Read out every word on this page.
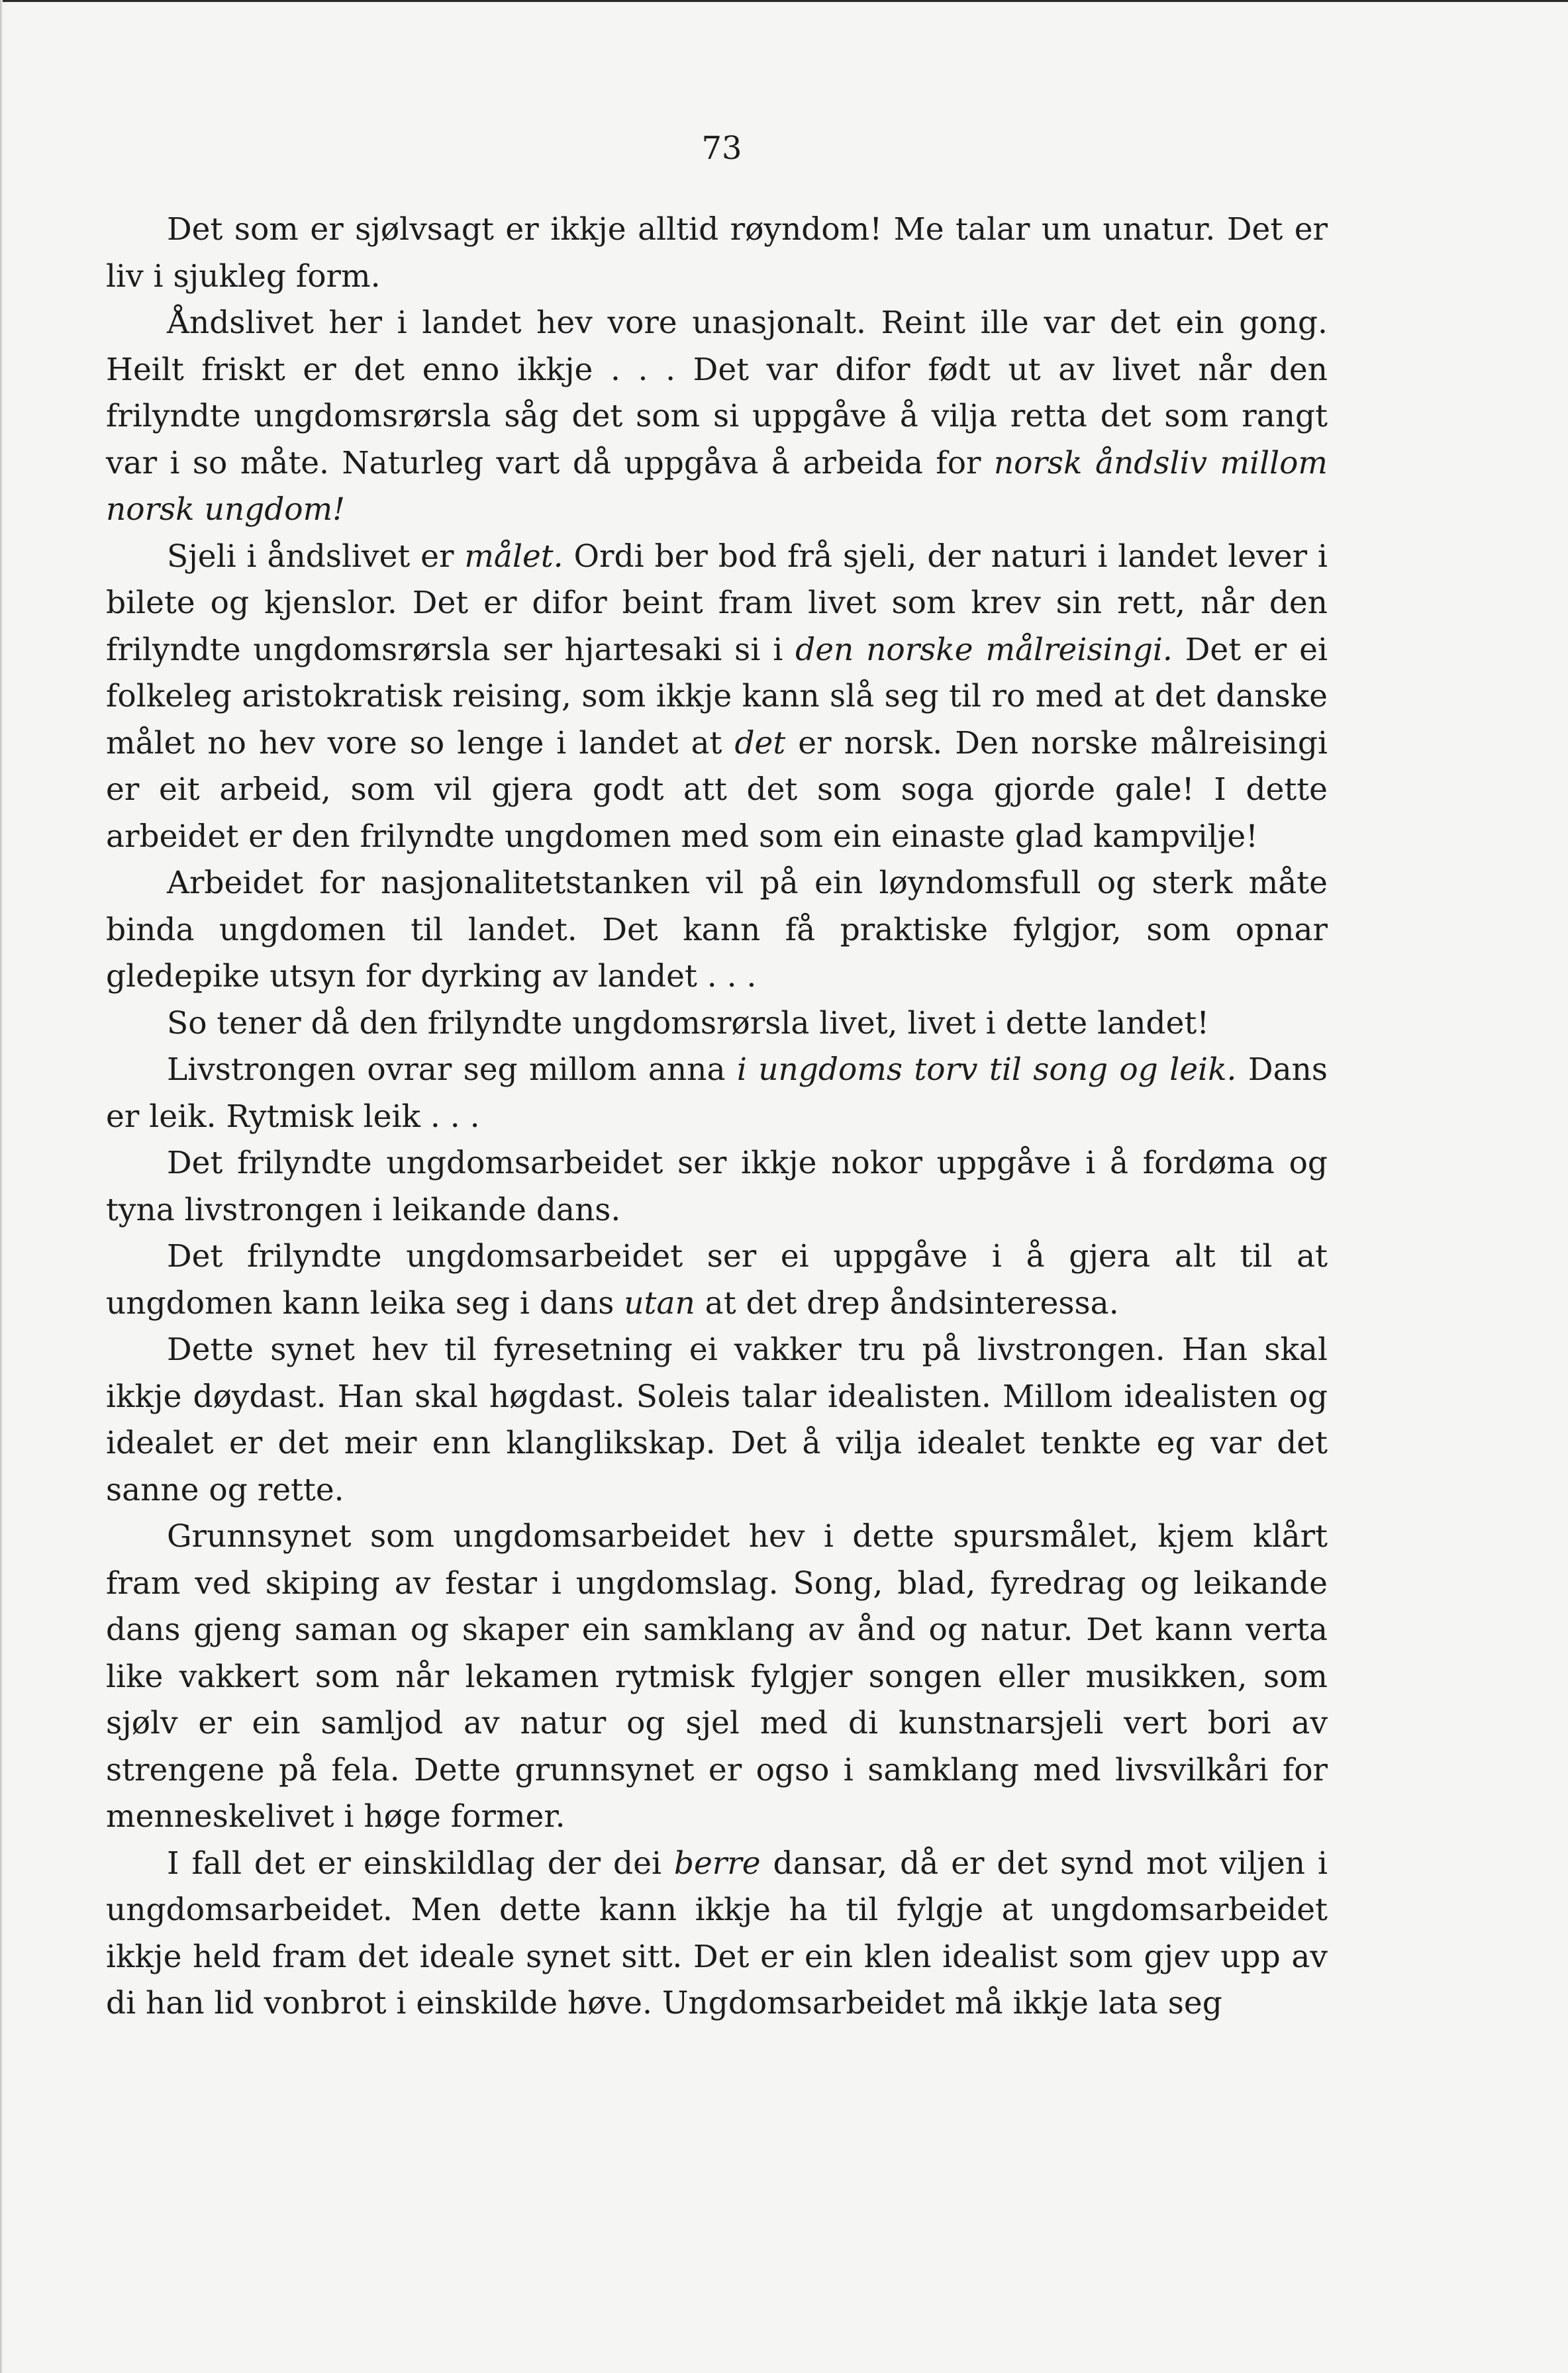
73

Det som er sjølvsagt er ikkje alltid røyndom! Me talar um unatur. Det er liv i sjukleg form.

Åndslivet her i landet hev vore unasjonalt. Reint ille var det ein gong. Heilt friskt er det enno ikkje . . . Det var difor født ut av livet når den frilyndte ungdomsrørsla såg det som si uppgåve å vilja retta det som rangt var i so måte. Naturleg vart då uppgåva å arbeida for norsk åndsliv millom norsk ungdom!

Sjeli i åndslivet er målet. Ordi ber bod frå sjeli, der naturi i landet lever i bilete og kjenslor. Det er difor beint fram livet som krev sin rett, når den frilyndte ungdomsrørsla ser hjartesaki si i den norske målreisingi. Det er ei folkeleg aristokratisk reising, som ikkje kann slå seg til ro med at det danske målet no hev vore so lenge i landet at det er norsk. Den norske målreisingi er eit arbeid, som vil gjera godt att det som soga gjorde gale! I dette arbeidet er den frilyndte ungdomen med som ein einaste glad kampvilje!

Arbeidet for nasjonalitetstanken vil på ein løyndomsfull og sterk måte binda ungdomen til landet. Det kann få praktiske fylgjor, som opnar gledерike utsyn for dyrking av landet . . .

So tener då den frilyndte ungdomsrørsla livet, livet i dette landet!

Livstrongen ovrar seg millom anna i ungdoms torv til song og leik. Dans er leik. Rytmisk leik . . .

Det frilyndte ungdomsarbeidet ser ikkje nokor uppgåve i å fordøma og tyna livstrongen i leikande dans.

Det frilyndte ungdomsarbeidet ser ei uppgåve i å gjera alt til at ungdomen kann leika seg i dans utan at det drep åndsinteressa.

Dette synet hev til fyresetning ei vakker tru på livstrongen. Han skal ikkje døydast. Han skal høgdast. Soleis talar idealisten. Millom idealisten og idealet er det meir enn klanglikskap. Det å vilja idealet tenkte eg var det sanne og rette.

Grunnsynet som ungdomsarbeidet hev i dette spursmålet, kjem klårt fram ved skiping av festar i ungdomslag. Song, blad, fyredrag og leikande dans gjeng saman og skaper ein samklang av ånd og natur. Det kann verta like vakkert som når lekamen rytmisk fylgjer songen eller musikken, som sjølv er ein samljod av natur og sjel med di kunstnarsjeli vert bori av strengene på fela. Dette grunnsynet er ogso i samklang med livsvilkåri for menneskelivet i høge former.

I fall det er einskildlag der dei berre dansar, då er det synd mot viljen i ungdomsarbeidet. Men dette kann ikkje ha til fylgje at ungdomsarbeidet ikkje held fram det ideale synet sitt. Det er ein klen idealist som gjev upp av di han lid vonbrot i einskilde høve. Ungdomsarbeidet må ikkje lata seg
